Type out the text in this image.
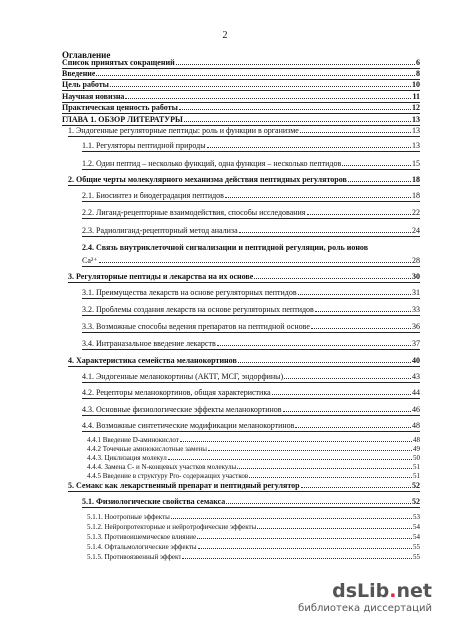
2
Оглавление
Список принятых сокращений	6
Введение	8
Цель работы	10
Научная новизна	11
Практическая ценность работы	12
ГЛАВА 1. ОБЗОР ЛИТЕРАТУРЫ	13
1. Эндогенные регуляторные пептиды: роль и функции в организме	13
1.1. Регуляторы пептидной природы	13
1.2. Один пептид – несколько функций, одна функция – несколько пептидов	15
2. Общие черты молекулярного механизма действия пептидных регуляторов	18
2.1. Биосинтез и биодеградация пептидов	18
2.2. Лиганд-рецепторные взаимодействия, способы исследования	22
2.3. Радиолиганд-рецепторный метод анализа	24
2.4. Связь внутриклеточной сигнализации и пептидной регуляции, роль ионов
Ca²⁺	28
3. Регуляторные пептиды и лекарства на их основе	30
3.1. Преимущества лекарств на основе регуляторных пептидов	31
3.2. Проблемы создания лекарств на основе регуляторных пептидов	33
3.3. Возможные способы ведения препаратов на пептидной основе	36
3.4. Интраназальное введение лекарств	37
4. Характеристика семейства меланокортинов	40
4.1. Эндогенные меланокортины (АКТГ, МСГ, эндорфины)	43
4.2. Рецепторы меланокортинов, общая характеристика	44
4.3. Основные физиологические эффекты меланокортинов	46
4.4. Возможные синтетические модификации меланокортинов	48
4.4.1 Введение D-аминокислот	48
4.4.2 Точечные аминокислотные замены	49
4.4.3. Циклизация молекул	50
4.4.4. Замена С- и N-концевых участков молекулы	51
4.4.5 Введение в структуру Pro- содержащих участков	51
5. Семакс как лекарственный препарат и пептидный регулятор	52
5.1. Физиологические свойства семакса	52
5.1.1. Ноотропные эффекты	53
5.1.2. Нейропротекторные и нейротрофические эффекты	54
5.1.3. Противоишемическое влияние	54
5.1.4. Офтальмологические эффекты	55
5.1.5. Противоязвенный эффект	55
dsLib.net
библиотека диссертаций
